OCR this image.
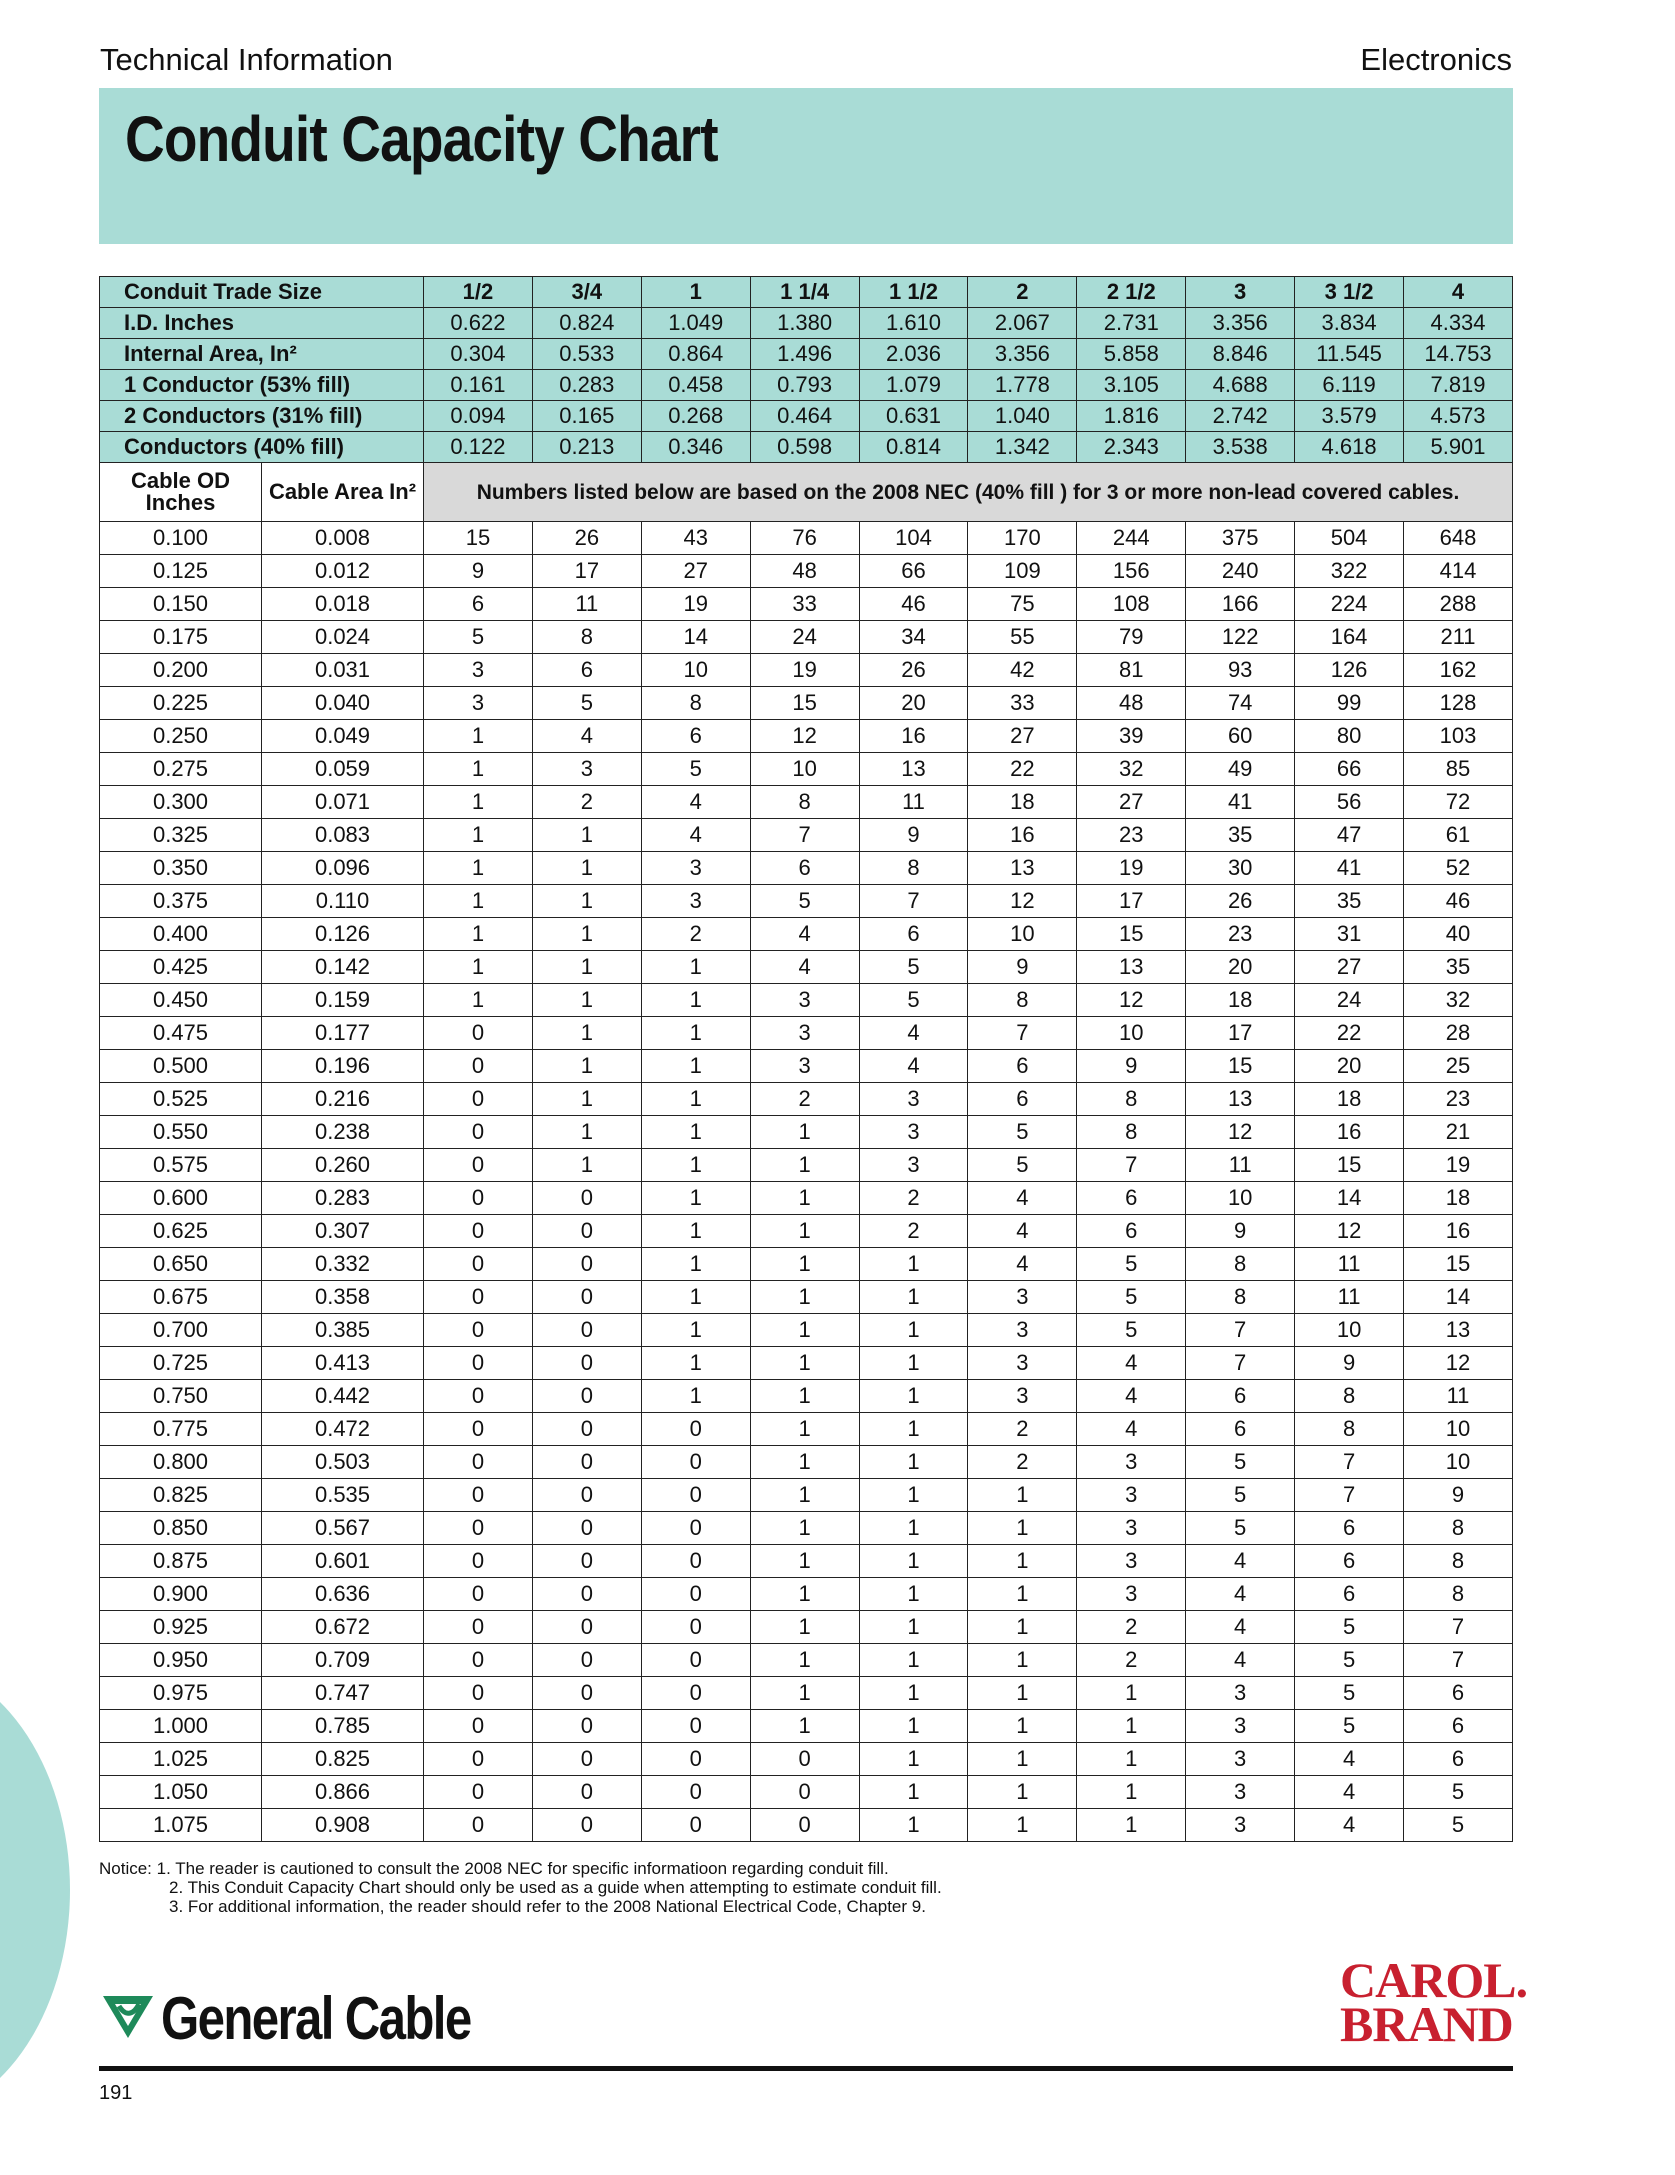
Technical Information	Electronics
Conduit Capacity Chart
Conduit Trade Size		1/2	3/4	1	1 1/4	1 1/2	2	2 1/2	3	3 1/2	4
I.D. Inches		0.622	0.824	1.049	1.380	1.610	2.067	2.731	3.356	3.834	4.334
Internal Area, In²		0.304	0.533	0.864	1.496	2.036	3.356	5.858	8.846	11.545	14.753
1 Conductor (53% fill)		0.161	0.283	0.458	0.793	1.079	1.778	3.105	4.688	6.119	7.819
2 Conductors (31% fill)		0.094	0.165	0.268	0.464	0.631	1.040	1.816	2.742	3.579	4.573
Conductors (40% fill)		0.122	0.213	0.346	0.598	0.814	1.342	2.343	3.538	4.618	5.901
Cable OD Inches	Cable Area In²	Numbers listed below are based on the 2008 NEC (40% fill ) for 3 or more non-lead covered cables.									
0.100	0.008	15	26	43	76	104	170	244	375	504	648
0.125	0.012	9	17	27	48	66	109	156	240	322	414
0.150	0.018	6	11	19	33	46	75	108	166	224	288
0.175	0.024	5	8	14	24	34	55	79	122	164	211
0.200	0.031	3	6	10	19	26	42	81	93	126	162
0.225	0.040	3	5	8	15	20	33	48	74	99	128
0.250	0.049	1	4	6	12	16	27	39	60	80	103
0.275	0.059	1	3	5	10	13	22	32	49	66	85
0.300	0.071	1	2	4	8	11	18	27	41	56	72
0.325	0.083	1	1	4	7	9	16	23	35	47	61
0.350	0.096	1	1	3	6	8	13	19	30	41	52
0.375	0.110	1	1	3	5	7	12	17	26	35	46
0.400	0.126	1	1	2	4	6	10	15	23	31	40
0.425	0.142	1	1	1	4	5	9	13	20	27	35
0.450	0.159	1	1	1	3	5	8	12	18	24	32
0.475	0.177	0	1	1	3	4	7	10	17	22	28
0.500	0.196	0	1	1	3	4	6	9	15	20	25
0.525	0.216	0	1	1	2	3	6	8	13	18	23
0.550	0.238	0	1	1	1	3	5	8	12	16	21
0.575	0.260	0	1	1	1	3	5	7	11	15	19
0.600	0.283	0	0	1	1	2	4	6	10	14	18
0.625	0.307	0	0	1	1	2	4	6	9	12	16
0.650	0.332	0	0	1	1	1	4	5	8	11	15
0.675	0.358	0	0	1	1	1	3	5	8	11	14
0.700	0.385	0	0	1	1	1	3	5	7	10	13
0.725	0.413	0	0	1	1	1	3	4	7	9	12
0.750	0.442	0	0	1	1	1	3	4	6	8	11
0.775	0.472	0	0	0	1	1	2	4	6	8	10
0.800	0.503	0	0	0	1	1	2	3	5	7	10
0.825	0.535	0	0	0	1	1	1	3	5	7	9
0.850	0.567	0	0	0	1	1	1	3	5	6	8
0.875	0.601	0	0	0	1	1	1	3	4	6	8
0.900	0.636	0	0	0	1	1	1	3	4	6	8
0.925	0.672	0	0	0	1	1	1	2	4	5	7
0.950	0.709	0	0	0	1	1	1	2	4	5	7
0.975	0.747	0	0	0	1	1	1	1	3	5	6
1.000	0.785	0	0	0	1	1	1	1	3	5	6
1.025	0.825	0	0	0	0	1	1	1	3	4	6
1.050	0.866	0	0	0	0	1	1	1	3	4	5
1.075	0.908	0	0	0	0	1	1	1	3	4	5
Notice: 1. The reader is cautioned to consult the 2008 NEC for specific informatioon regarding conduit fill.
2. This Conduit Capacity Chart should only be used as a guide when attempting to estimate conduit fill.
3. For additional information, the reader should refer to the 2008 National Electrical Code, Chapter 9.
General Cable
CAROL.
BRAND
191
